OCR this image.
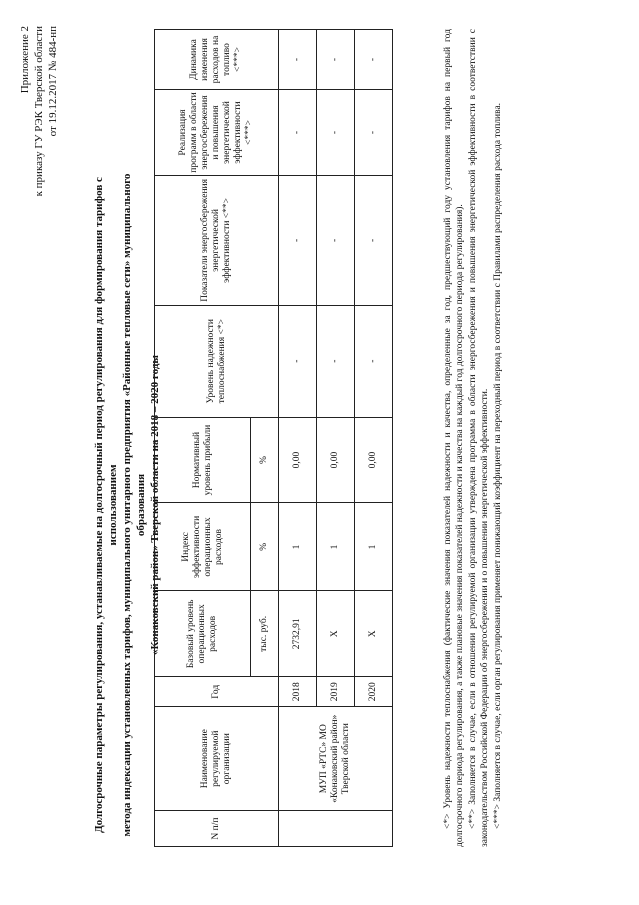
Приложение 2 к приказу ГУ РЭК Тверской области от 19.12.2017 № 484-нп
Долгосрочные параметры регулирования, устанавливаемые на долгосрочный период регулирования для формирования тарифов с использованием метода индексации установленных тарифов, муниципального унитарного предприятия «Районные тепловые сети» муниципального образования «Конаковский район» Тверской области на 2018 – 2020 годы
N п/п	Наименование регулируемой организации	Год	Базовый уровень операционных расходов	Индекс эффективности операционных расходов	Нормативный уровень прибыли	Уровень надежности теплоснабжения <*>	Показатели энергосбережения энергетической эффективности <**>	Реализация программ в области энергосбережения и повышения энергетической эффективности <***>	Динамика изменения расходов на топливо <***>
			тыс. руб.	%	%				
	МУП «РТС» МО «Конаковский район» Тверской области	2018	2732,91	1	0,00	-	-	-	-
		2019	X	1	0,00	-	-	-	-
		2020	X	1	0,00	-	-	-	-	<*> Уровень надежности теплоснабжения (фактические значения показателей надежности и качества, определенные за год, предшествующий году установления тарифов на первый год долгосрочного периода регулирования, а также плановые значения показателей надежности и качества на каждый год долгосрочного периода регулирования). <**> Заполняется в случае, если в отношении регулируемой организации утверждена программа в области энергосбережения и повышения энергетической эффективности в соответствии с законодательством Российской Федерации об энергосбережении и о повышении энергетической эффективности. <***> Заполняется в случае, если орган регулирования применяет понижающий коэффициент на переходный период в соответствии с Правилами распределения расхода топлива.
